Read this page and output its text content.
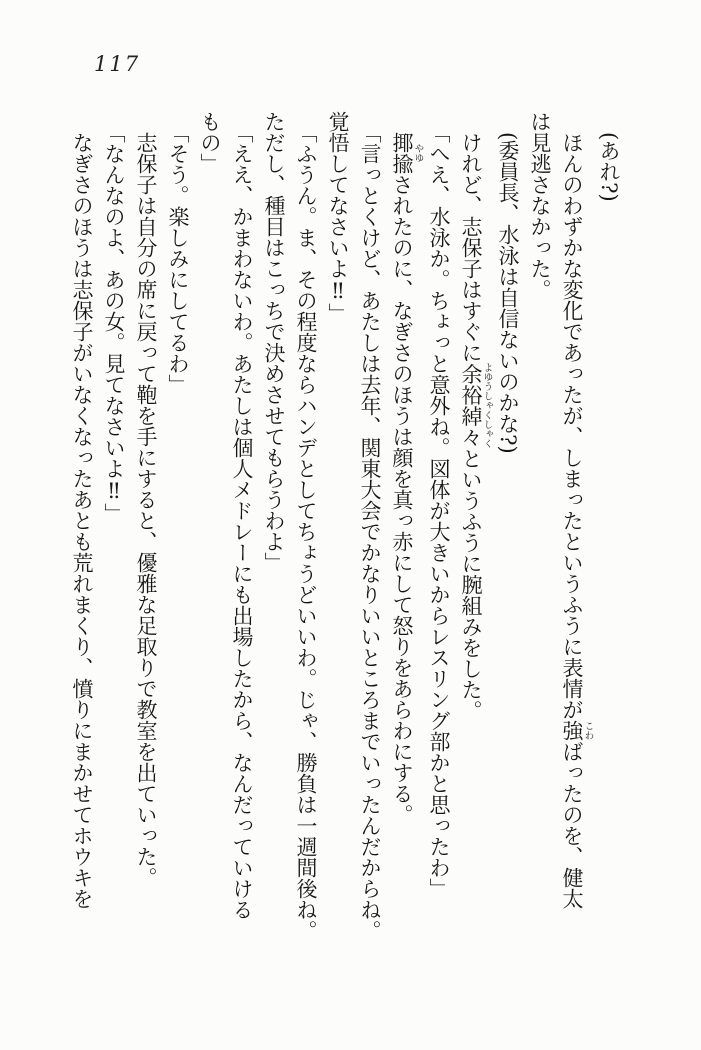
117

(あれ?)

ほんのわずかな変化であったが、しまったというふうに表情が強こわばったのを、健太

は見逃さなかった。

(委員長、水泳は自信ないのかな?)

けれど、志保子はすぐに余裕綽々よゆうしゃくしゃくというふうに腕組みをした。

「へえ、水泳か。ちょっと意外ね。図体が大きいからレスリング部かと思ったわ」

揶揄やゆされたのに、なぎさのほうは顔を真っ赤にして怒りをあらわにする。

「言っとくけど、あたしは去年、関東大会でかなりいいところまでいったんだからね。

覚悟してなさいよ‼」

「ふうん。ま、その程度ならハンデとしてちょうどいいわ。じゃ、勝負は一週間後ね。

ただし、種目はこっちで決めさせてもらうわよ」

「ええ、かまわないわ。あたしは個人メドレーにも出場したから、なんだっていける

もの」

「そう。楽しみにしてるわ」

志保子は自分の席に戻って鞄を手にすると、優雅な足取りで教室を出ていった。

「なんなのよ、あの女。見てなさいよ‼」

なぎさのほうは志保子がいなくなったあとも荒れまくり、憤りにまかせてホウキを
